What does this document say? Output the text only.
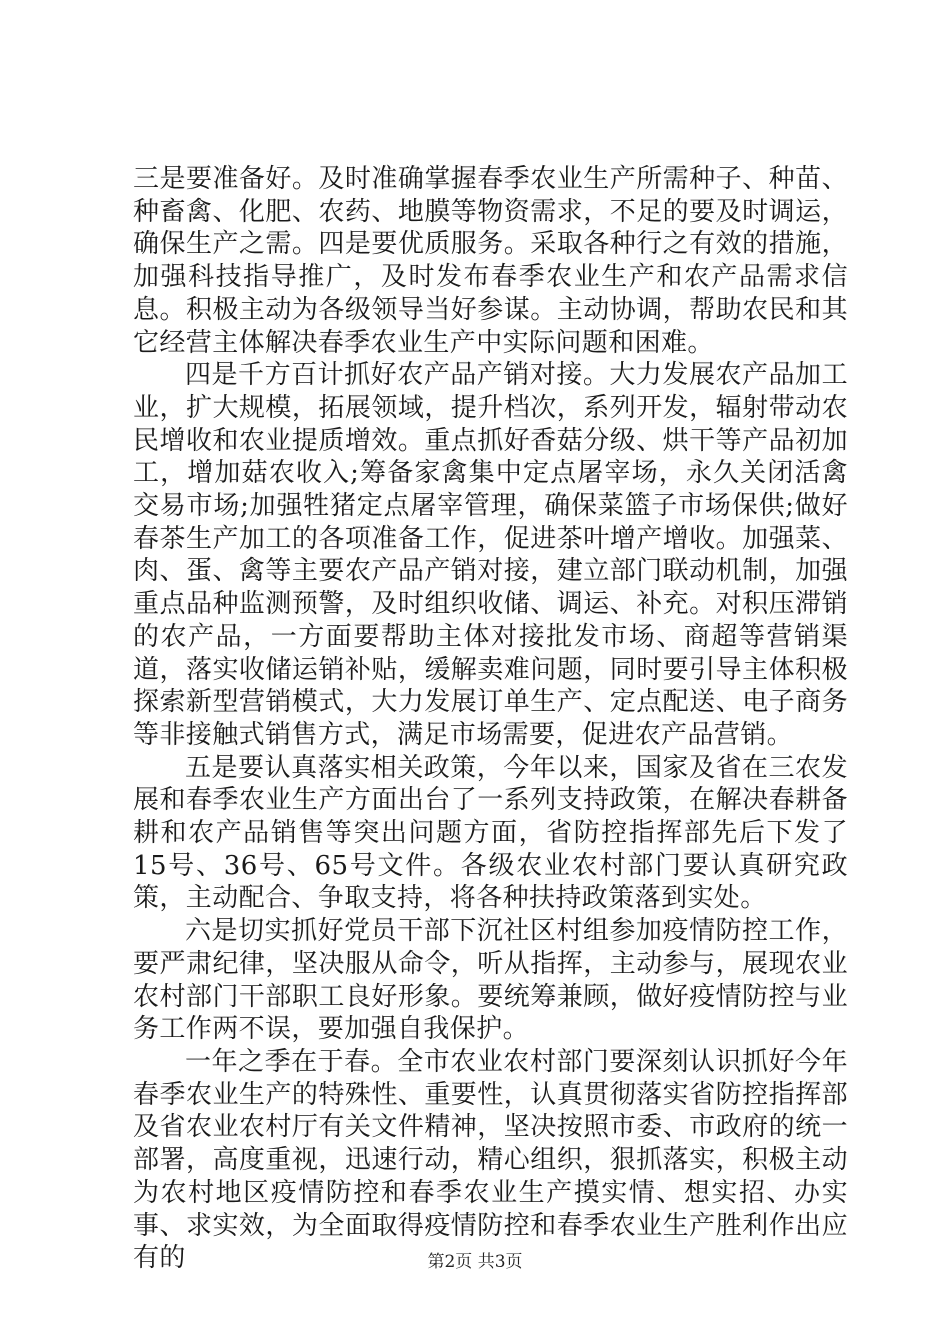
三是要准备好。及时准确掌握春季农业生产所需种子、种苗、种畜禽、化肥、农药、地膜等物资需求，不足的要及时调运，确保生产之需。四是要优质服务。采取各种行之有效的措施，加强科技指导推广，及时发布春季农业生产和农产品需求信息。积极主动为各级领导当好参谋。主动协调，帮助农民和其它经营主体解决春季农业生产中实际问题和困难。

四是千方百计抓好农产品产销对接。大力发展农产品加工业，扩大规模，拓展领域，提升档次，系列开发，辐射带动农民增收和农业提质增效。重点抓好香菇分级、烘干等产品初加工，增加菇农收入;筹备家禽集中定点屠宰场，永久关闭活禽交易市场;加强牲猪定点屠宰管理，确保菜篮子市场保供;做好春茶生产加工的各项准备工作，促进茶叶增产增收。加强菜、肉、蛋、禽等主要农产品产销对接，建立部门联动机制，加强重点品种监测预警，及时组织收储、调运、补充。对积压滞销的农产品，一方面要帮助主体对接批发市场、商超等营销渠道，落实收储运销补贴，缓解卖难问题，同时要引导主体积极探索新型营销模式，大力发展订单生产、定点配送、电子商务等非接触式销售方式，满足市场需要，促进农产品营销。

五是要认真落实相关政策，今年以来，国家及省在三农发展和春季农业生产方面出台了一系列支持政策，在解决春耕备耕和农产品销售等突出问题方面，省防控指挥部先后下发了15号、36号、65号文件。各级农业农村部门要认真研究政策，主动配合、争取支持，将各种扶持政策落到实处。

六是切实抓好党员干部下沉社区村组参加疫情防控工作，要严肃纪律，坚决服从命令，听从指挥，主动参与，展现农业农村部门干部职工良好形象。要统筹兼顾，做好疫情防控与业务工作两不误，要加强自我保护。

一年之季在于春。全市农业农村部门要深刻认识抓好今年春季农业生产的特殊性、重要性，认真贯彻落实省防控指挥部及省农业农村厅有关文件精神，坚决按照市委、市政府的统一部署，高度重视，迅速行动，精心组织，狠抓落实，积极主动为农村地区疫情防控和春季农业生产摸实情、想实招、办实事、求实效，为全面取得疫情防控和春季农业生产胜利作出应有的	第2页 共3页
